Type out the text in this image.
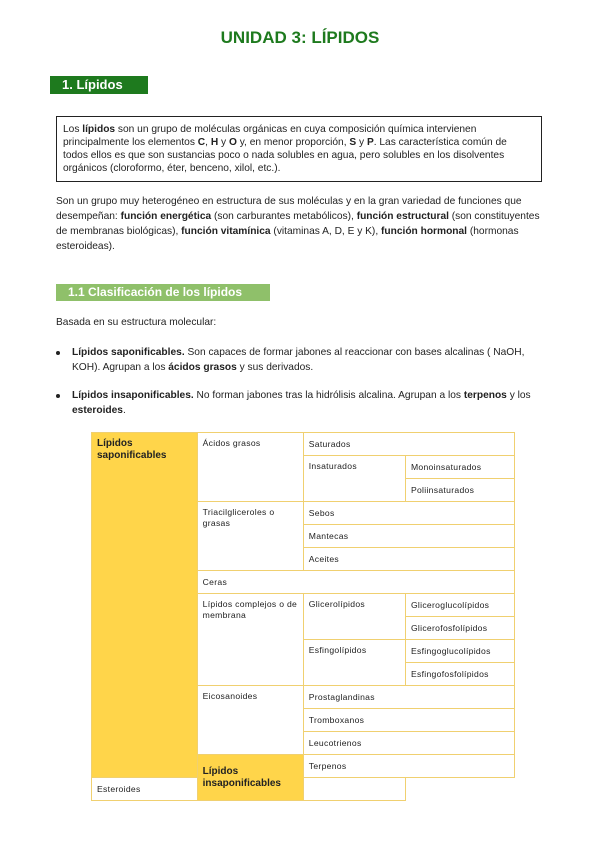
UNIDAD 3: LÍPIDOS
1. Lípidos
Los lípidos son un grupo de moléculas orgánicas en cuya composición química intervienen principalmente los elementos C, H y O y, en menor proporción, S y P. Las característica común de todos ellos es que son sustancias poco o nada solubles en agua, pero solubles en los disolventes orgánicos (cloroformo, éter, benceno, xilol, etc.).
Son un grupo muy heterogéneo en estructura de sus moléculas y en la gran variedad de funciones que desempeñan: función energética (son carburantes metabólicos), función estructural (son constituyentes de membranas biológicas), función vitamínica (vitaminas A, D, E y K), función hormonal (hormonas esteroideas).
1.1 Clasificación de los lípidos
Basada en su estructura molecular:
Lípidos saponificables. Son capaces de formar jabones al reaccionar con bases alcalinas ( NaOH, KOH). Agrupan a los ácidos grasos y sus derivados.
Lípidos insaponificables. No forman jabones tras la hidrólisis alcalina. Agrupan a los terpenos y los esteroides.
Lípidos saponificables	Ácidos grasos	Saturados	
		Insaturados	Monoinsaturados
			Poliinsaturados
	Triacilgliceroles o grasas	Sebos	
		Mantecas	
		Aceites	
	Ceras		
	Lípidos complejos o de membrana	Glicerolípidos	Gliceroglucolípidos
			Glicerofosfolípidos
		Esfingolípidos	Esfingoglucolípidos
			Esfingofosfolípidos
	Eicosanoides	Prostaglandinas	
		Tromboxanos	
		Leucotrienos	
	Lípidos insaponificables	Terpenos	
Esteroides			
